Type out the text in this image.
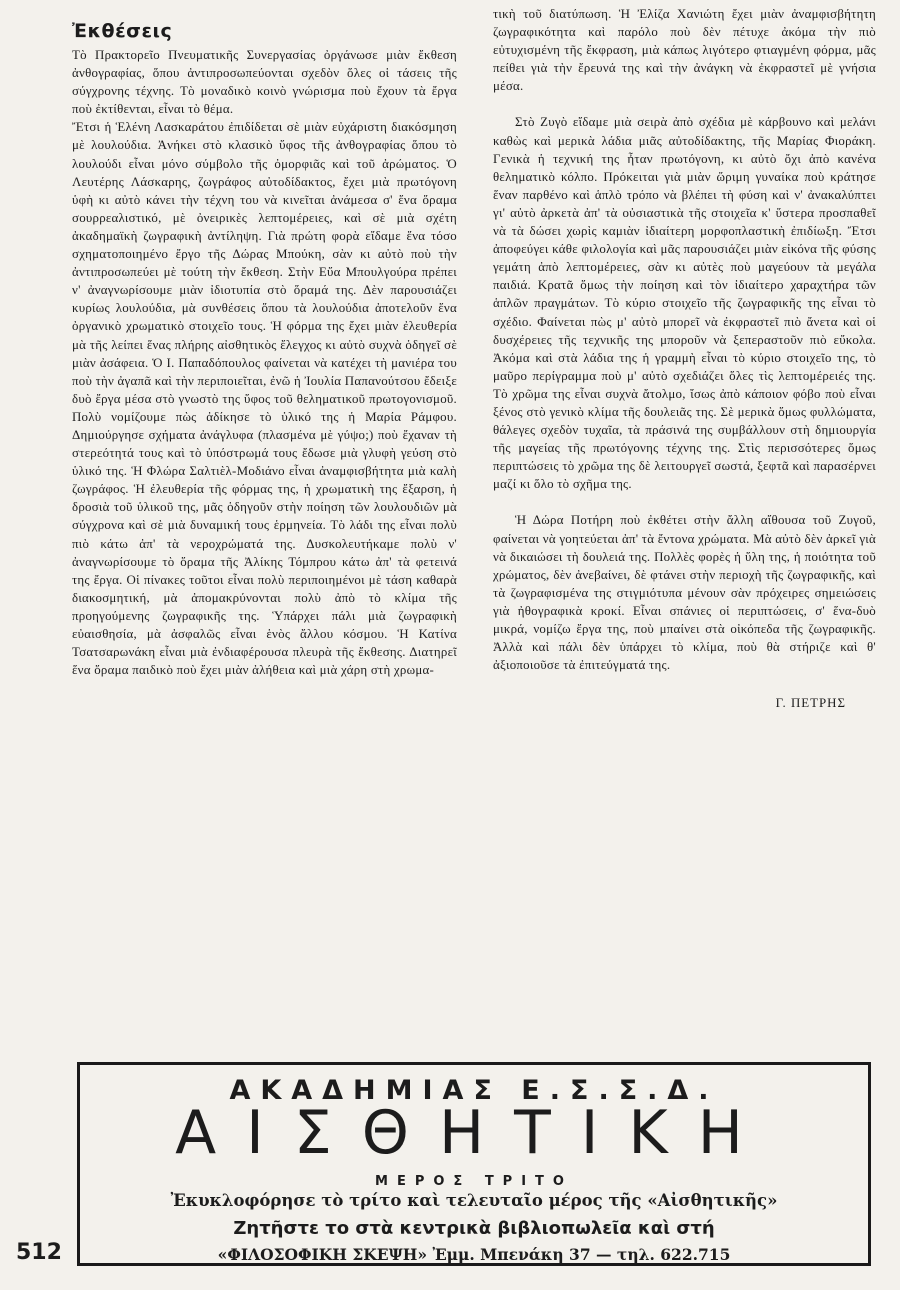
Ἐκθέσεις

Τὸ Πρακτορεῖο Πνευματικῆς Συνεργασίας ὀργάνωσε μιὰν ἔκθεση ἀνθογραφίας, ὅπου ἀντιπροσωπεύονται σχεδὸν ὅλες οἱ τάσεις τῆς σύγχρονης τέχνης. Τὸ μοναδικὸ κοινὸ γνώρισμα ποὺ ἔχουν τὰ ἔργα ποὺ ἐκτίθενται, εἶναι τὸ θέμα.

Ἔτσι ἡ Ἑλένη Λασκαράτου ἐπιδίδεται σὲ μιὰν εὐχάριστη διακόσμηση μὲ λουλούδια. Ἀνήκει στὸ κλασικὸ ὕφος τῆς ἀνθογραφίας ὅπου τὸ λουλούδι εἶναι μόνο σύμβολο τῆς ὀμορφιᾶς καὶ τοῦ ἀρώματος. Ὁ Λευτέρης Λάσκαρης, ζωγράφος αὐτοδίδακτος, ἔχει μιὰ πρωτόγονη ὑφὴ κι αὐτὸ κάνει τὴν τέχνη του νὰ κινεῖται ἀνάμεσα σ' ἕνα ὅραμα σουρρεαλιστικό, μὲ ὀνειρικὲς λεπτομέρειες, καὶ σὲ μιὰ σχέτη ἀκαδημαϊκὴ ζωγραφικὴ ἀντίληψη. Γιὰ πρώτη φορὰ εἴδαμε ἕνα τόσο σχηματοποιημένο ἔργο τῆς Δώρας Μπούκη, σὰν κι αὐτὸ ποὺ τὴν ἀντιπροσωπεύει μὲ τούτη τὴν ἔκθεση. Στὴν Εὔα Μπουλγούρα πρέπει ν' ἀναγνωρίσουμε μιὰν ἰδιοτυπία στὸ ὅραμά της. Δὲν παρουσιάζει κυρίως λουλούδια, μὰ συνθέσεις ὅπου τὰ λουλούδια ἀποτελοῦν ἕνα ὀργανικὸ χρωματικὸ στοιχεῖο τους. Ἡ φόρμα της ἔχει μιὰν ἐλευθερία μὰ τῆς λείπει ἕνας πλήρης αἰσθητικὸς ἔλεγχος κι αὐτὸ συχνὰ ὁδηγεῖ σὲ μιὰν ἀσάφεια. Ὁ Ι. Παπαδόπουλος φαίνεται νὰ κατέχει τὴ μανιέρα του ποὺ τὴν ἀγαπᾶ καὶ τὴν περιποιεῖται, ἐνῶ ἡ Ἰουλία Παπανούτσου ἔδειξε δυὸ ἔργα μέσα στὸ γνωστὸ της ὕφος τοῦ θεληματικοῦ πρωτογονισμοῦ. Πολὺ νομίζουμε πὼς ἀδίκησε τὸ ὑλικό της ἡ Μαρία Ράμφου. Δημιούργησε σχήματα ἀνάγλυφα (πλασμένα μὲ γύψο;) ποὺ ἔχαναν τὴ στερεότητά τους καὶ τὸ ὑπόστρωμά τους ἔδωσε μιὰ γλυφὴ γεύση στὸ ὑλικό της. Ἡ Φλώρα Σαλτιὲλ-Μοδιάνο εἶναι ἀναμφισβήτητα μιὰ καλὴ ζωγράφος. Ἡ ἐλευθερία τῆς φόρμας της, ἡ χρωματικὴ της ἔξαρση, ἡ δροσιὰ τοῦ ὑλικοῦ της, μᾶς ὁδηγοῦν στὴν ποίηση τῶν λουλουδιῶν μὰ σύγχρονα καὶ σὲ μιὰ δυναμική τους ἑρμηνεία. Τὸ λάδι της εἶναι πολὺ πιὸ κάτω ἀπ' τὰ νεροχρώματά της. Δυσκολευτήκαμε πολὺ ν' ἀναγνωρίσουμε τὸ ὅραμα τῆς Ἀλίκης Τόμπρου κάτω ἀπ' τὰ φετεινά της ἔργα. Οἱ πίνακες τοῦτοι εἶναι πολὺ περιποιημένοι μὲ τάση καθαρὰ διακοσμητική, μὰ ἀπομακρύνονται πολὺ ἀπὸ τὸ κλίμα τῆς προηγούμενης ζωγραφικῆς της. Ὑπάρχει πάλι μιὰ ζωγραφικὴ εὐαισθησία, μὰ ἀσφαλῶς εἶναι ἑνὸς ἄλλου κόσμου. Ἡ Κατίνα Τσατσαρωνάκη εἶναι μιὰ ἐνδιαφέρουσα πλευρὰ τῆς ἔκθεσης. Διατηρεῖ ἕνα ὅραμα παιδικὸ ποὺ ἔχει μιὰν ἀλήθεια καὶ μιὰ χάρη στὴ χρωμα-

τικὴ τοῦ διατύπωση. Ἡ Ἐλίζα Χανιώτη ἔχει μιὰν ἀναμφισβήτητη ζωγραφικότητα καὶ παρόλο ποὺ δὲν πέτυχε ἀκόμα τὴν πιὸ εὐτυχισμένη τῆς ἔκφραση, μιὰ κάπως λιγότερο φτιαγμένη φόρμα, μᾶς πείθει γιὰ τὴν ἔρευνά της καὶ τὴν ἀνάγκη νὰ ἐκφραστεῖ μὲ γνήσια μέσα.

Στὸ Ζυγὸ εἴδαμε μιὰ σειρὰ ἀπὸ σχέδια μὲ κάρβουνο καὶ μελάνι καθὼς καὶ μερικὰ λάδια μιᾶς αὐτοδίδακτης, τῆς Μαρίας Φιοράκη. Γενικὰ ἡ τεχνική της ἦταν πρωτόγονη, κι αὐτὸ ὄχι ἀπὸ κανένα θεληματικὸ κόλπο. Πρόκειται γιὰ μιὰν ὥριμη γυναίκα ποὺ κράτησε ἕναν παρθένο καὶ ἁπλὸ τρόπο νὰ βλέπει τὴ φύση καὶ ν' ἀνακαλύπτει γι' αὐτὸ ἀρκετὰ ἀπ' τὰ οὐσιαστικὰ τῆς στοιχεῖα κ' ὕστερα προσπαθεῖ νὰ τὰ δώσει χωρὶς καμιὰν ἰδιαίτερη μορφοπλαστικὴ ἐπιδίωξη. Ἔτσι ἀποφεύγει κάθε φιλολογία καὶ μᾶς παρουσιάζει μιὰν εἰκόνα τῆς φύσης γεμάτη ἀπὸ λεπτομέρειες, σὰν κι αὐτὲς ποὺ μαγεύουν τὰ μεγάλα παιδιά. Κρατᾶ ὅμως τὴν ποίηση καὶ τὸν ἰδιαίτερο χαραχτήρα τῶν ἁπλῶν πραγμάτων. Τὸ κύριο στοιχεῖο τῆς ζωγραφικῆς της εἶναι τὸ σχέδιο. Φαίνεται πὼς μ' αὐτὸ μπορεῖ νὰ ἐκφραστεῖ πιὸ ἄνετα καὶ οἱ δυσχέρειες τῆς τεχνικῆς της μποροῦν νὰ ξεπεραστοῦν πιὸ εὔκολα. Ἀκόμα καὶ στὰ λάδια της ἡ γραμμὴ εἶναι τὸ κύριο στοιχεῖο της, τὸ μαῦρο περίγραμμα ποὺ μ' αὐτὸ σχεδιάζει ὅλες τὶς λεπτομέρειές της. Τὸ χρῶμα της εἶναι συχνὰ ἄτολμο, ἴσως ἀπὸ κάποιον φόβο ποὺ εἶναι ξένος στὸ γενικὸ κλίμα τῆς δουλειᾶς της. Σὲ μερικὰ ὅμως φυλλώματα, θάλεγες σχεδὸν τυχαῖα, τὰ πράσινά της συμβάλλουν στὴ δημιουργία τῆς μαγείας τῆς πρωτόγονης τέχνης της. Στὶς περισσότερες ὅμως περιπτώσεις τὸ χρῶμα της δὲ λειτουργεῖ σωστά, ξεφτᾶ καὶ παρασέρνει μαζί κι ὅλο τὸ σχῆμα της.

Ἡ Δώρα Ποτήρη ποὺ ἐκθέτει στὴν ἄλλη αἴθουσα τοῦ Ζυγοῦ, φαίνεται νὰ γοητεύεται ἀπ' τὰ ἔντονα χρώματα. Μὰ αὐτὸ δὲν ἀρκεῖ γιὰ νὰ δικαιώσει τὴ δουλειά της. Πολλὲς φορὲς ἡ ὕλη της, ἡ ποιότητα τοῦ χρώματος, δὲν ἀνεβαίνει, δὲ φτάνει στὴν περιοχὴ τῆς ζωγραφικῆς, καὶ τὰ ζωγραφισμένα της στιγμιότυπα μένουν σὰν πρόχειρες σημειώσεις γιὰ ἠθογραφικὰ κροκί. Εἶναι σπάνιες οἱ περιπτώσεις, σ' ἕνα-δυὸ μικρά, νομίζω ἔργα της, ποὺ μπαίνει στὰ οἰκόπεδα τῆς ζωγραφικῆς. Ἀλλὰ καὶ πάλι δὲν ὑπάρχει τὸ κλίμα, ποὺ θὰ στήριζε καὶ θ' ἀξιοποιοῦσε τὰ ἐπιτεύγματά της.

Γ. ΠΕΤΡΗΣ

ΑΚΑΔΗΜΙΑΣ Ε.Σ.Σ.Δ.
ΑΙΣΘΗΤΙΚΗ
ΜΕΡΟΣ ΤΡΙΤΟ
Ἐκυκλοφόρησε τὸ τρίτο καὶ τελευταῖο μέρος τῆς «Αἰσθητικῆς»
Ζητῆστε το στὰ κεντρικὰ βιβλιοπωλεῖα καὶ στή
«ΦΙΛΟΣΟΦΙΚΗ ΣΚΕΨΗ» Ἐμμ. Μπενάκη 37 — τηλ. 622.715
512
